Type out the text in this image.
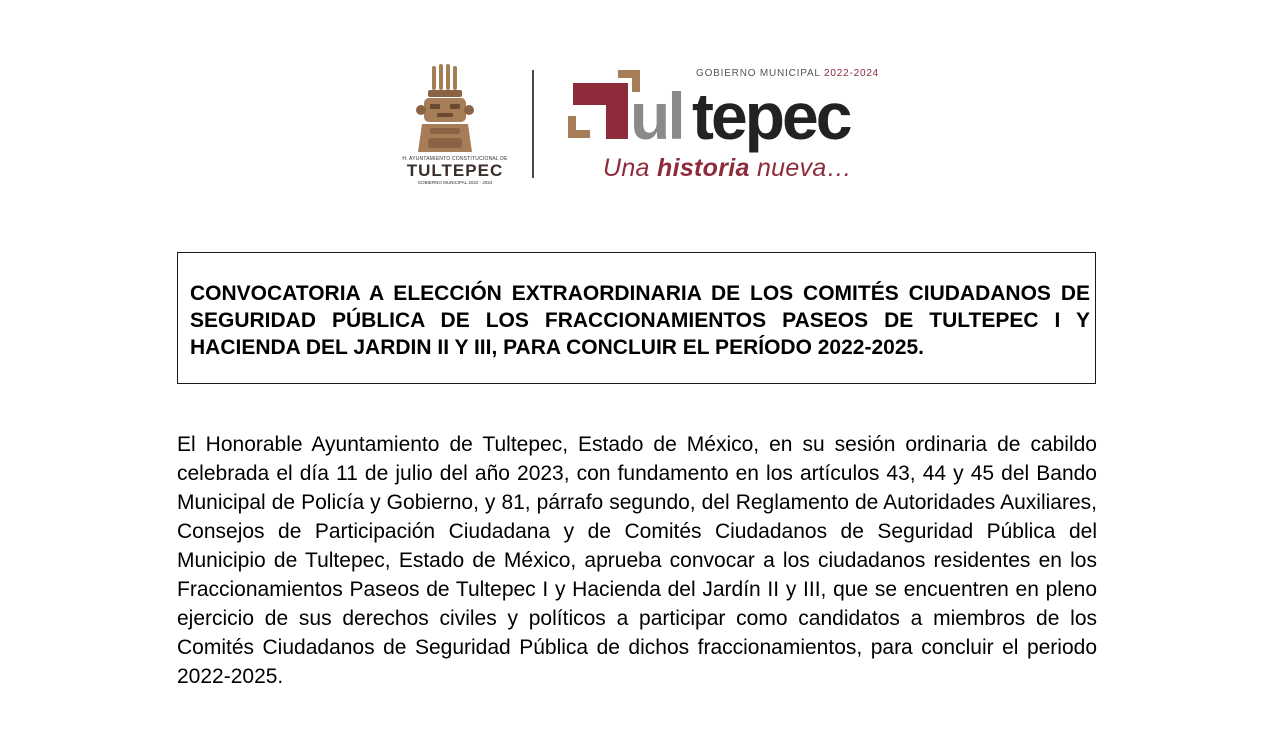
H. AYUNTAMIENTO CONSTITUCIONAL DE
TULTEPEC
GOBIERNO MUNICIPAL 2022 - 2024
GOBIERNO MUNICIPAL 2022-2024
ul tepec
Una historia nueva…
CONVOCATORIA A ELECCIÓN EXTRAORDINARIA DE LOS COMITÉS CIUDADANOS DE SEGURIDAD PÚBLICA DE LOS FRACCIONAMIENTOS PASEOS DE TULTEPEC I Y HACIENDA DEL JARDIN II Y III, PARA CONCLUIR EL PERÍODO 2022-2025.
El Honorable Ayuntamiento de Tultepec, Estado de México, en su sesión ordinaria de cabildo celebrada el día 11 de julio del año 2023, con fundamento en los artículos 43, 44 y 45 del Bando Municipal de Policía y Gobierno, y 81, párrafo segundo, del Reglamento de Autoridades Auxiliares, Consejos de Participación Ciudadana y de Comités Ciudadanos de Seguridad Pública del Municipio de Tultepec, Estado de México, aprueba convocar a los ciudadanos residentes en los Fraccionamientos Paseos de Tultepec I y Hacienda del Jardín II y III, que se encuentren en pleno ejercicio de sus derechos civiles y políticos a participar como candidatos a miembros de los Comités Ciudadanos de Seguridad Pública de dichos fraccionamientos, para concluir el periodo 2022-2025.
